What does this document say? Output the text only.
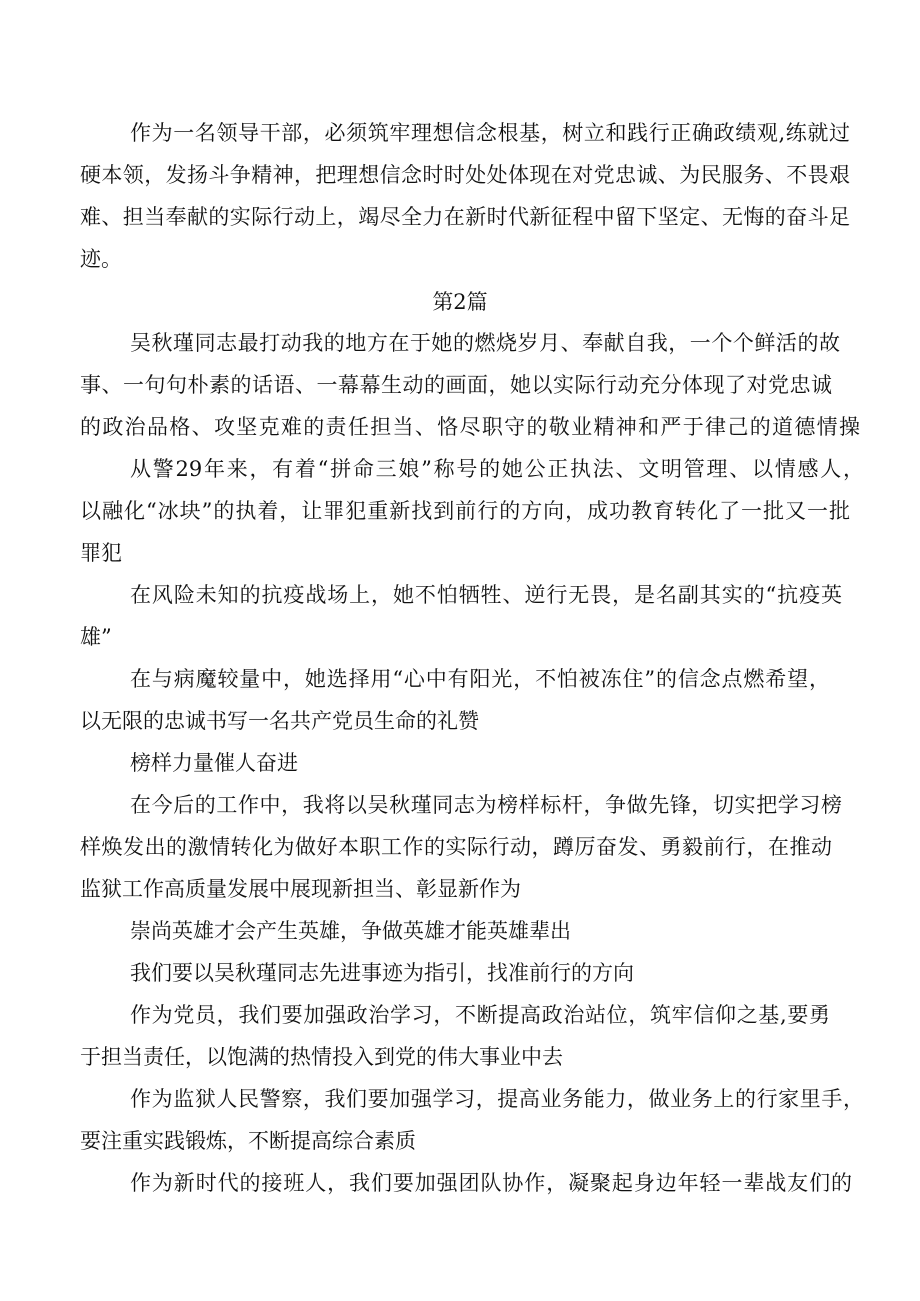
作为一名领导干部，必须筑牢理想信念根基，树立和践行正确政绩观,练就过
硬本领，发扬斗争精神，把理想信念时时处处体现在对党忠诚、为民服务、不畏艰
难、担当奉献的实际行动上，竭尽全力在新时代新征程中留下坚定、无悔的奋斗足
迹。
第2篇
吴秋瑾同志最打动我的地方在于她的燃烧岁月、奉献自我，一个个鲜活的故
事、一句句朴素的话语、一幕幕生动的画面，她以实际行动充分体现了对党忠诚
的政治品格、攻坚克难的责任担当、恪尽职守的敬业精神和严于律己的道德情操
从警29年来，有着“拼命三娘”称号的她公正执法、文明管理、以情感人，
以融化“冰块”的执着，让罪犯重新找到前行的方向，成功教育转化了一批又一批
罪犯
在风险未知的抗疫战场上，她不怕牺牲、逆行无畏，是名副其实的“抗疫英
雄”
在与病魔较量中，她选择用“心中有阳光，不怕被冻住”的信念点燃希望，
以无限的忠诚书写一名共产党员生命的礼赞
榜样力量催人奋进
在今后的工作中，我将以吴秋瑾同志为榜样标杆，争做先锋，切实把学习榜
样焕发出的激情转化为做好本职工作的实际行动，蹲厉奋发、勇毅前行，在推动
监狱工作高质量发展中展现新担当、彰显新作为
崇尚英雄才会产生英雄，争做英雄才能英雄辈出
我们要以吴秋瑾同志先进事迹为指引，找准前行的方向
作为党员，我们要加强政治学习，不断提高政治站位，筑牢信仰之基,要勇
于担当责任，以饱满的热情投入到党的伟大事业中去
作为监狱人民警察，我们要加强学习，提高业务能力，做业务上的行家里手，
要注重实践锻炼，不断提高综合素质
作为新时代的接班人，我们要加强团队协作，凝聚起身边年轻一辈战友们的
